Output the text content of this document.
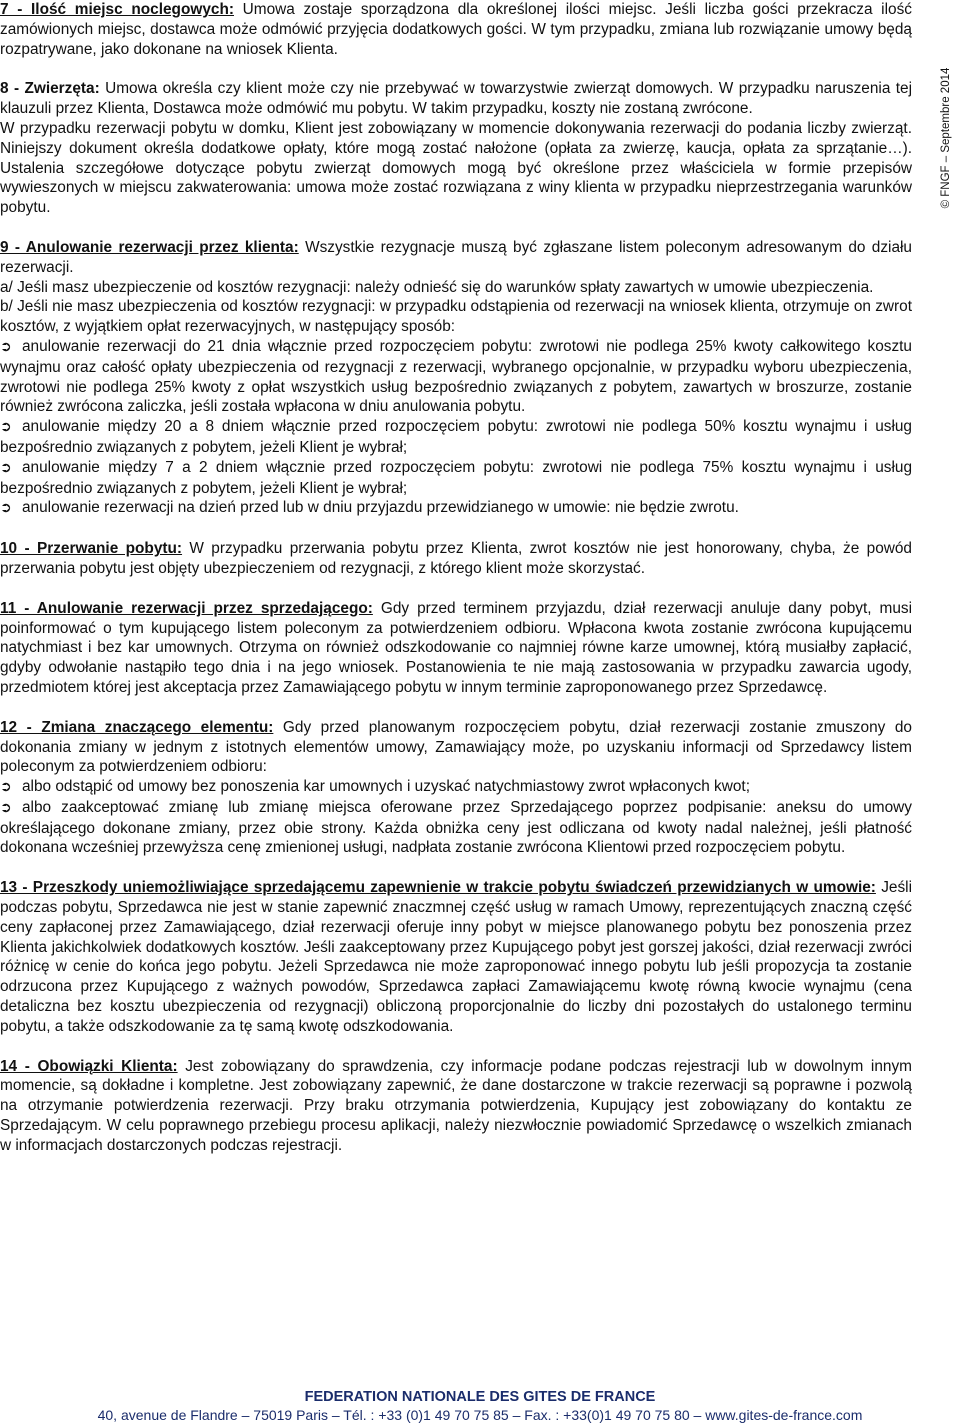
7 - Ilość miejsc noclegowych: Umowa zostaje sporządzona dla określonej ilości miejsc. Jeśli liczba gości przekracza ilość zamówionych miejsc, dostawca może odmówić przyjęcia dodatkowych gości. W tym przypadku, zmiana lub rozwiązanie umowy będą rozpatrywane, jako dokonane na wniosek Klienta.

8 - Zwierzęta: Umowa określa czy klient może czy nie przebywać w towarzystwie zwierząt domowych. W przypadku naruszenia tej klauzuli przez Klienta, Dostawca może odmówić mu pobytu. W takim przypadku, koszty nie zostaną zwrócone.

W przypadku rezerwacji pobytu w domku, Klient jest zobowiązany w momencie dokonywania rezerwacji do podania liczby zwierząt. Niniejszy dokument określa dodatkowe opłaty, które mogą zostać nałożone (opłata za zwierzę, kaucja, opłata za sprzątanie…). Ustalenia szczegółowe dotyczące pobytu zwierząt domowych mogą być określone przez właściciela w formie przepisów wywieszonych w miejscu zakwaterowania: umowa może zostać rozwiązana z winy klienta w przypadku nieprzestrzegania warunków pobytu.

9 - Anulowanie rezerwacji przez klienta: Wszystkie rezygnacje muszą być zgłaszane listem poleconym adresowanym do działu rezerwacji.

a/ Jeśli masz ubezpieczenie od kosztów rezygnacji: należy odnieść się do warunków spłaty zawartych w umowie ubezpieczenia.

b/ Jeśli nie masz ubezpieczenia od kosztów rezygnacji: w przypadku odstąpienia od rezerwacji na wniosek klienta, otrzymuje on zwrot kosztów, z wyjątkiem opłat rezerwacyjnych, w następujący sposób:

➲ anulowanie rezerwacji do 21 dnia włącznie przed rozpoczęciem pobytu: zwrotowi nie podlega 25% kwoty całkowitego kosztu wynajmu oraz całość opłaty ubezpieczenia od rezygnacji z rezerwacji, wybranego opcjonalnie, w przypadku wyboru ubezpieczenia, zwrotowi nie podlega 25% kwoty z opłat wszystkich usług bezpośrednio związanych z pobytem, zawartych w broszurze, zostanie również zwrócona zaliczka, jeśli została wpłacona w dniu anulowania pobytu.

➲ anulowanie między 20 a 8 dniem włącznie przed rozpoczęciem pobytu: zwrotowi nie podlega 50% kosztu wynajmu i usług bezpośrednio związanych z pobytem, jeżeli Klient je wybrał;

➲ anulowanie między 7 a 2 dniem włącznie przed rozpoczęciem pobytu: zwrotowi nie podlega 75% kosztu wynajmu i usług bezpośrednio związanych z pobytem, jeżeli Klient je wybrał;

➲ anulowanie rezerwacji na dzień przed lub w dniu przyjazdu przewidzianego w umowie: nie będzie zwrotu.

10 - Przerwanie pobytu: W przypadku przerwania pobytu przez Klienta, zwrot kosztów nie jest honorowany, chyba, że powód przerwania pobytu jest objęty ubezpieczeniem od rezygnacji, z którego klient może skorzystać.

11 - Anulowanie rezerwacji przez sprzedającego: Gdy przed terminem przyjazdu, dział rezerwacji anuluje dany pobyt, musi poinformować o tym kupującego listem poleconym za potwierdzeniem odbioru. Wpłacona kwota zostanie zwrócona kupującemu natychmiast i bez kar umownych. Otrzyma on również odszkodowanie co najmniej równe karze umownej, którą musiałby zapłacić, gdyby odwołanie nastąpiło tego dnia i na jego wniosek. Postanowienia te nie mają zastosowania w przypadku zawarcia ugody, przedmiotem której jest akceptacja przez Zamawiającego pobytu w innym terminie zaproponowanego przez Sprzedawcę.

12 - Zmiana znaczącego elementu: Gdy przed planowanym rozpoczęciem pobytu, dział rezerwacji zostanie zmuszony do dokonania zmiany w jednym z istotnych elementów umowy, Zamawiający może, po uzyskaniu informacji od Sprzedawcy listem poleconym za potwierdzeniem odbioru:

➲ albo odstąpić od umowy bez ponoszenia kar umownych i uzyskać natychmiastowy zwrot wpłaconych kwot;

➲ albo zaakceptować zmianę lub zmianę miejsca oferowane przez Sprzedającego poprzez podpisanie: aneksu do umowy określającego dokonane zmiany, przez obie strony. Każda obniżka ceny jest odliczana od kwoty nadal należnej, jeśli płatność dokonana wcześniej przewyższa cenę zmienionej usługi, nadpłata zostanie zwrócona Klientowi przed rozpoczęciem pobytu.

13 - Przeszkody uniemożliwiające sprzedającemu zapewnienie w trakcie pobytu świadczeń przewidzianych w umowie: Jeśli podczas pobytu, Sprzedawca nie jest w stanie zapewnić znaczmnej część usług w ramach Umowy, reprezentujących znaczną część ceny zapłaconej przez Zamawiającego, dział rezerwacji oferuje inny pobyt w miejsce planowanego pobytu bez ponoszenia przez Klienta jakichkolwiek dodatkowych kosztów. Jeśli zaakceptowany przez Kupującego pobyt jest gorszej jakości, dział rezerwacji zwróci różnicę w cenie do końca jego pobytu. Jeżeli Sprzedawca nie może zaproponować innego pobytu lub jeśli propozycja ta zostanie odrzucona przez Kupującego z ważnych powodów, Sprzedawca zapłaci Zamawiającemu kwotę równą kwocie wynajmu (cena detaliczna bez kosztu ubezpieczenia od rezygnacji) obliczoną proporcjonalnie do liczby dni pozostałych do ustalonego terminu pobytu, a także odszkodowanie za tę samą kwotę odszkodowania.

14 - Obowiązki Klienta: Jest zobowiązany do sprawdzenia, czy informacje podane podczas rejestracji lub w dowolnym innym momencie, są dokładne i kompletne. Jest zobowiązany zapewnić, że dane dostarczone w trakcie rezerwacji są poprawne i pozwolą na otrzymanie potwierdzenia rezerwacji. Przy braku otrzymania potwierdzenia, Kupujący jest zobowiązany do kontaktu ze Sprzedającym. W celu poprawnego przebiegu procesu aplikacji, należy niezwłocznie powiadomić Sprzedawcę o wszelkich zmianach w informacjach dostarczonych podczas rejestracji.

© FNGF – Septembre 2014
FEDERATION NATIONALE DES GITES DE FRANCE
40, avenue de Flandre – 75019 Paris – Tél. : +33 (0)1 49 70 75 85 – Fax. : +33(0)1 49 70 75 80 – www.gites-de-france.com
